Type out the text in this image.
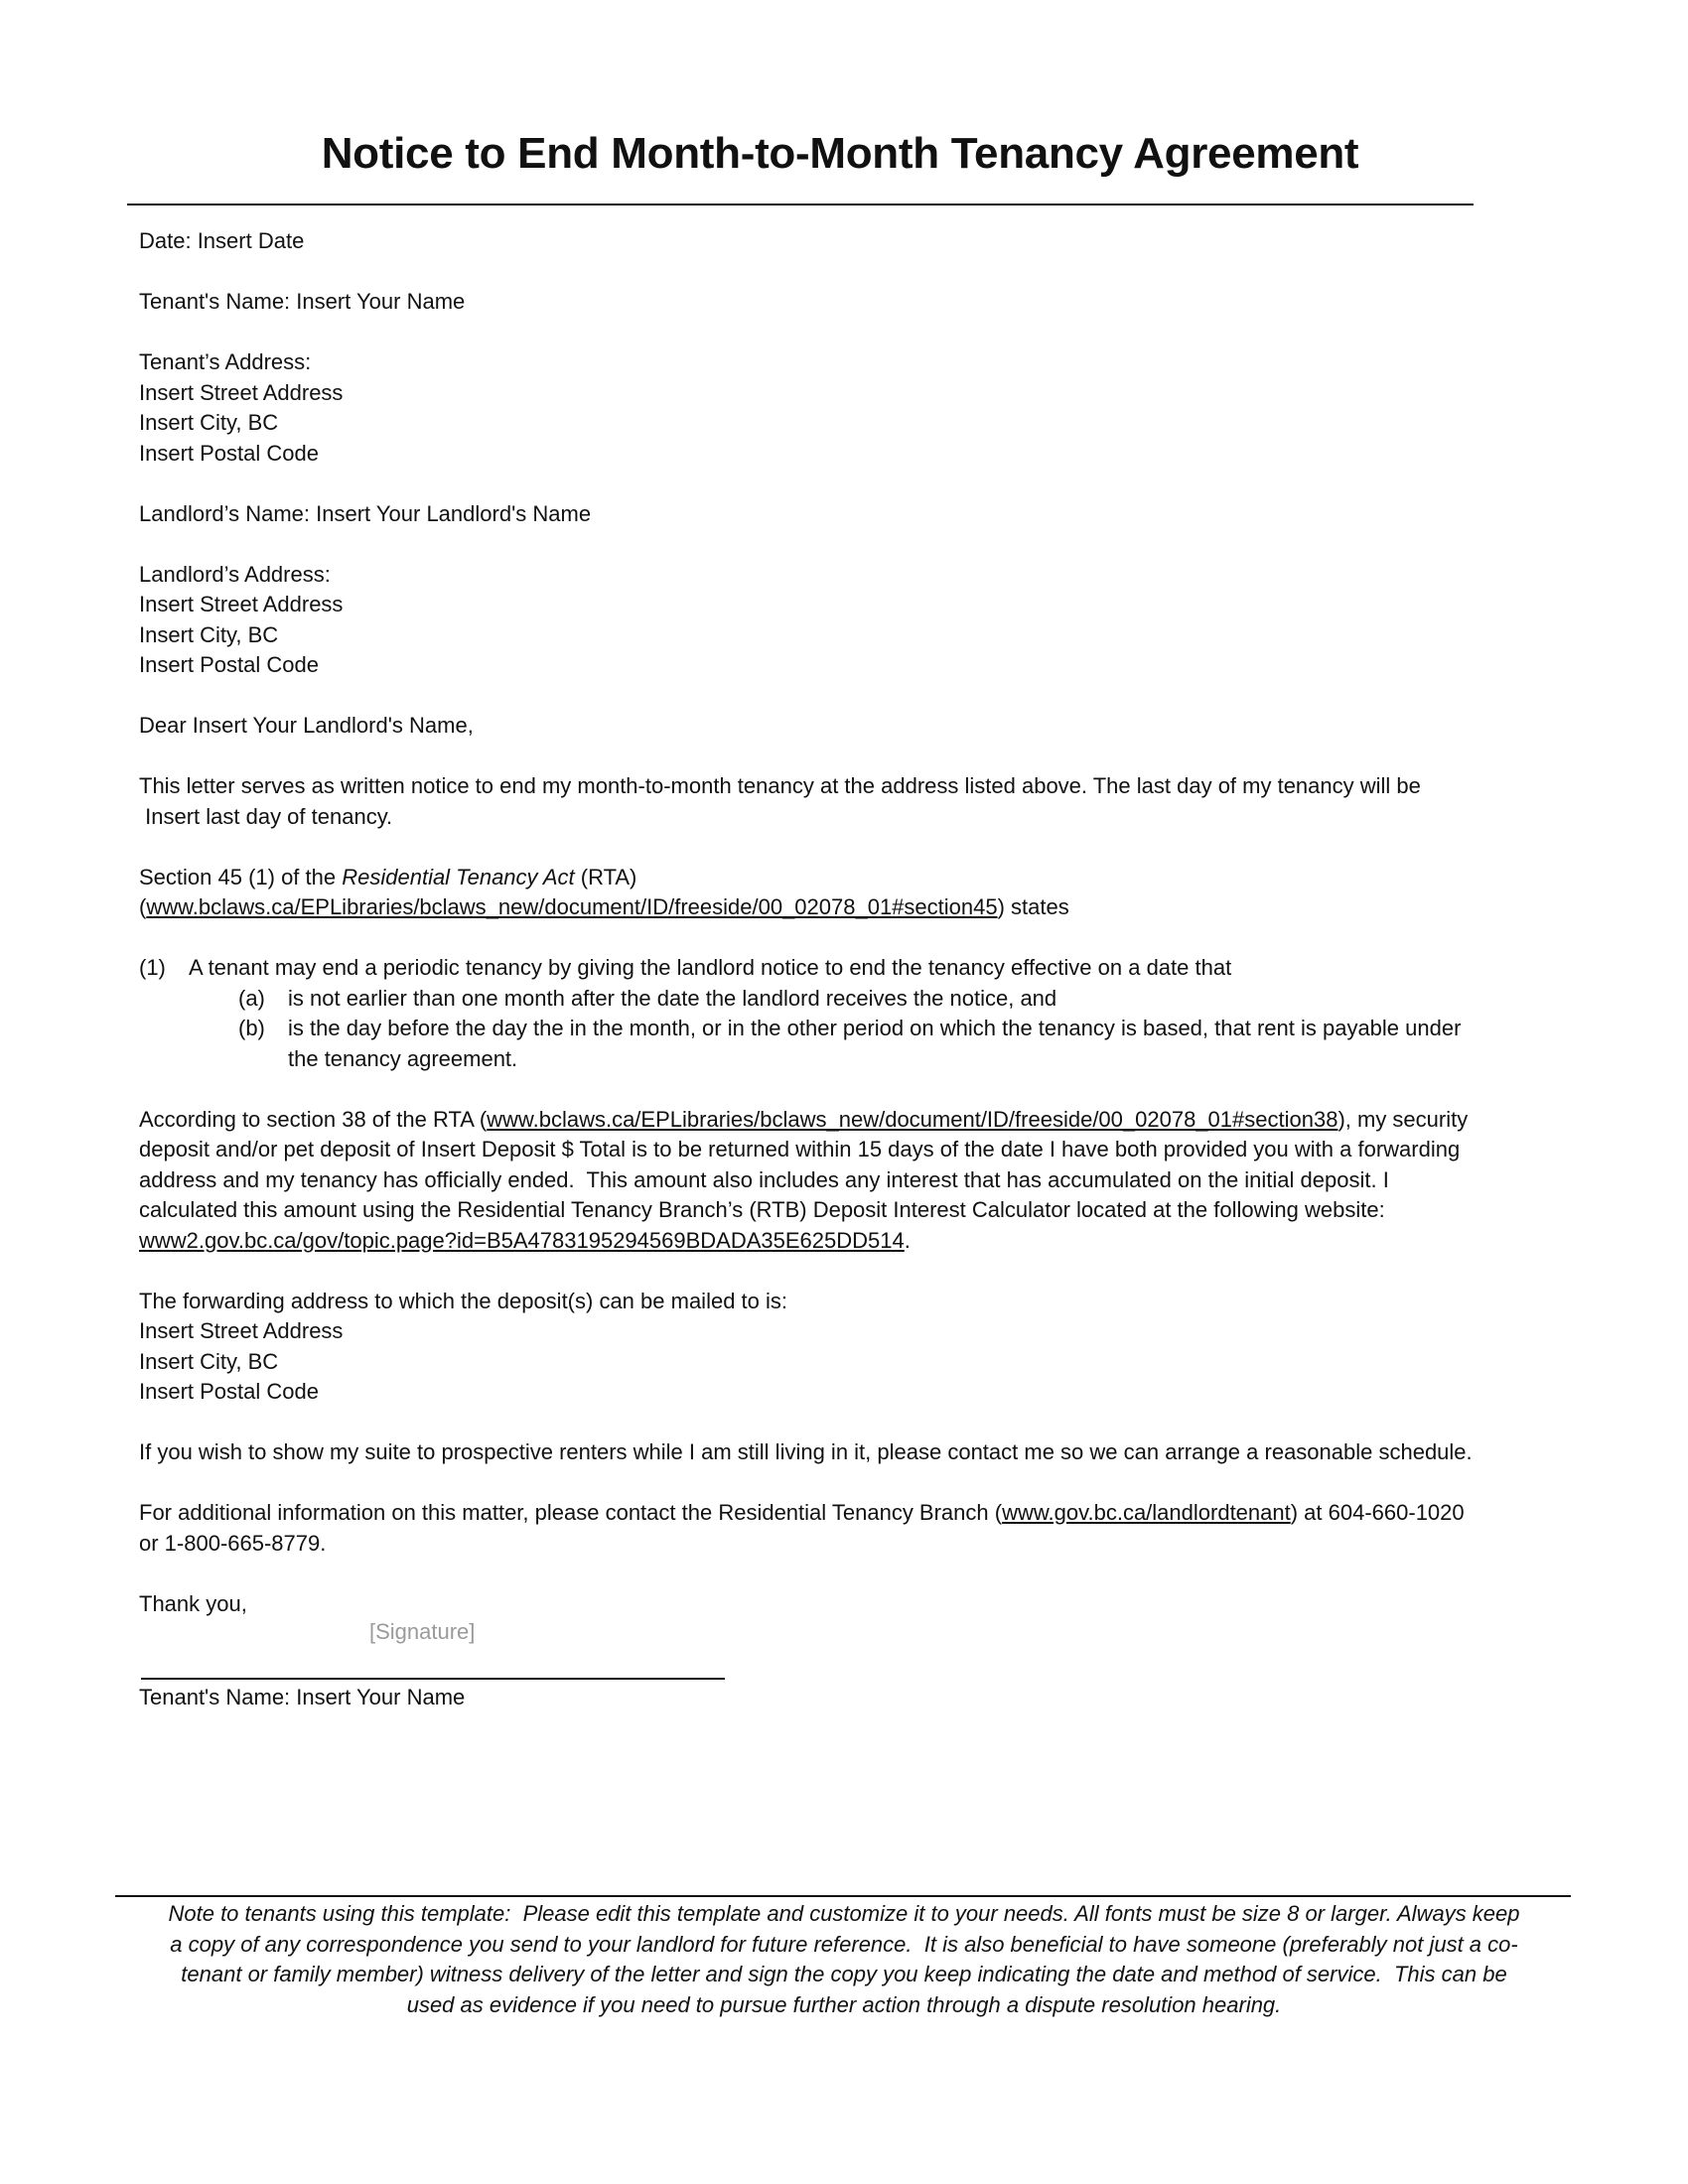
Notice to End Month-to-Month Tenancy Agreement
Date: Insert Date
Tenant's Name: Insert Your Name
Tenant’s Address:
Insert Street Address
Insert City, BC
Insert Postal Code
Landlord’s Name: Insert Your Landlord's Name
Landlord’s Address:
Insert Street Address
Insert City, BC
Insert Postal Code
Dear Insert Your Landlord's Name,
This letter serves as written notice to end my month-to-month tenancy at the address listed above. The last day of my tenancy will be
Insert last day of tenancy.
Section 45 (1) of the Residential Tenancy Act (RTA)
(www.bclaws.ca/EPLibraries/bclaws_new/document/ID/freeside/00_02078_01#section45) states
(1)	A tenant may end a periodic tenancy by giving the landlord notice to end the tenancy effective on a date that
(a)	is not earlier than one month after the date the landlord receives the notice, and
(b)	is the day before the day the in the month, or in the other period on which the tenancy is based, that rent is payable under
the tenancy agreement.
According to section 38 of the RTA (www.bclaws.ca/EPLibraries/bclaws_new/document/ID/freeside/00_02078_01#section38), my security
deposit and/or pet deposit of Insert Deposit $ Total is to be returned within 15 days of the date I have both provided you with a forwarding
address and my tenancy has officially ended.  This amount also includes any interest that has accumulated on the initial deposit. I
calculated this amount using the Residential Tenancy Branch’s (RTB) Deposit Interest Calculator located at the following website:
www2.gov.bc.ca/gov/topic.page?id=B5A4783195294569BDADA35E625DD514.
The forwarding address to which the deposit(s) can be mailed to is:
Insert Street Address
Insert City, BC
Insert Postal Code
If you wish to show my suite to prospective renters while I am still living in it, please contact me so we can arrange a reasonable schedule.
For additional information on this matter, please contact the Residential Tenancy Branch (www.gov.bc.ca/landlordtenant) at 604-660-1020
or 1-800-665-8779.
Thank you,
[Signature]
Tenant's Name: Insert Your Name
Note to tenants using this template:  Please edit this template and customize it to your needs. All fonts must be size 8 or larger. Always keep
a copy of any correspondence you send to your landlord for future reference.  It is also beneficial to have someone (preferably not just a co-
tenant or family member) witness delivery of the letter and sign the copy you keep indicating the date and method of service.  This can be
used as evidence if you need to pursue further action through a dispute resolution hearing.
